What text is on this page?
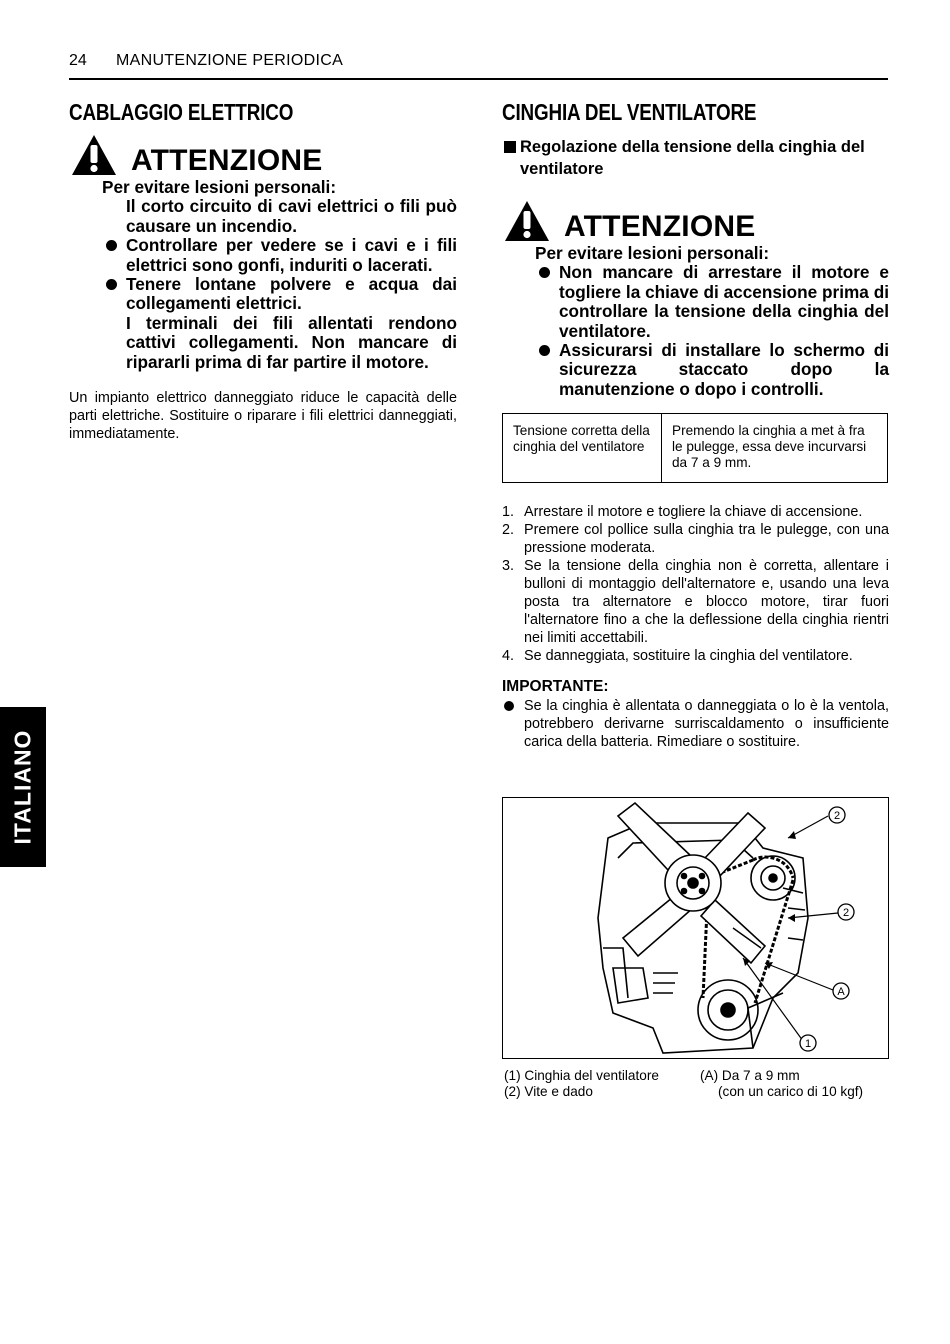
24 MANUTENZIONE PERIODICA
CABLAGGIO ELETTRICO
ATTENZIONE
Per evitare lesioni personali:
Il corto circuito di cavi elettrici o fili può causare un incendio.
Controllare per vedere se i cavi e i fili elettrici sono gonfi, induriti o lacerati.
Tenere lontane polvere e acqua dai collegamenti elettrici.
I terminali dei fili allentati rendono cattivi collegamenti. Non mancare di ripararli prima di far partire il motore.

Un impianto elettrico danneggiato riduce le capacità delle parti elettriche. Sostituire o riparare i fili elettrici danneggiati, immediatamente.

CINGHIA DEL VENTILATORE
Regolazione della tensione della cinghia del ventilatore
ATTENZIONE
Per evitare lesioni personali:
Non mancare di arrestare il motore e togliere la chiave di accensione prima di controllare la tensione della cinghia del ventilatore.
Assicurarsi di installare lo schermo di sicurezza staccato dopo la manutenzione o dopo i controlli.
Tensione corretta della cinghia del ventilatore	Premendo la cinghia a met à fra le pulegge, essa deve incurvarsi da 7 a 9 mm.
1. Arrestare il motore e togliere la chiave di accensione.
2. Premere col pollice sulla cinghia tra le pulegge, con una pressione moderata.
3. Se la tensione della cinghia non è corretta, allentare i bulloni di montaggio dell'alternatore e, usando una leva posta tra alternatore e blocco motore, tirar fuori l'alternatore fino a che la deflessione della cinghia rientri nei limiti accettabili.
4. Se danneggiata, sostituire la cinghia del ventilatore.
IMPORTANTE:
Se la cinghia è allentata o danneggiata o lo è la ventola, potrebbero derivarne surriscaldamento o insufficiente carica della batteria. Rimediare o sostituire.
2
2
A
1
(1) Cinghia del ventilatore
(2) Vite e dado
(A) Da 7 a 9 mm
(con un carico di 10 kgf)
ITALIANO
